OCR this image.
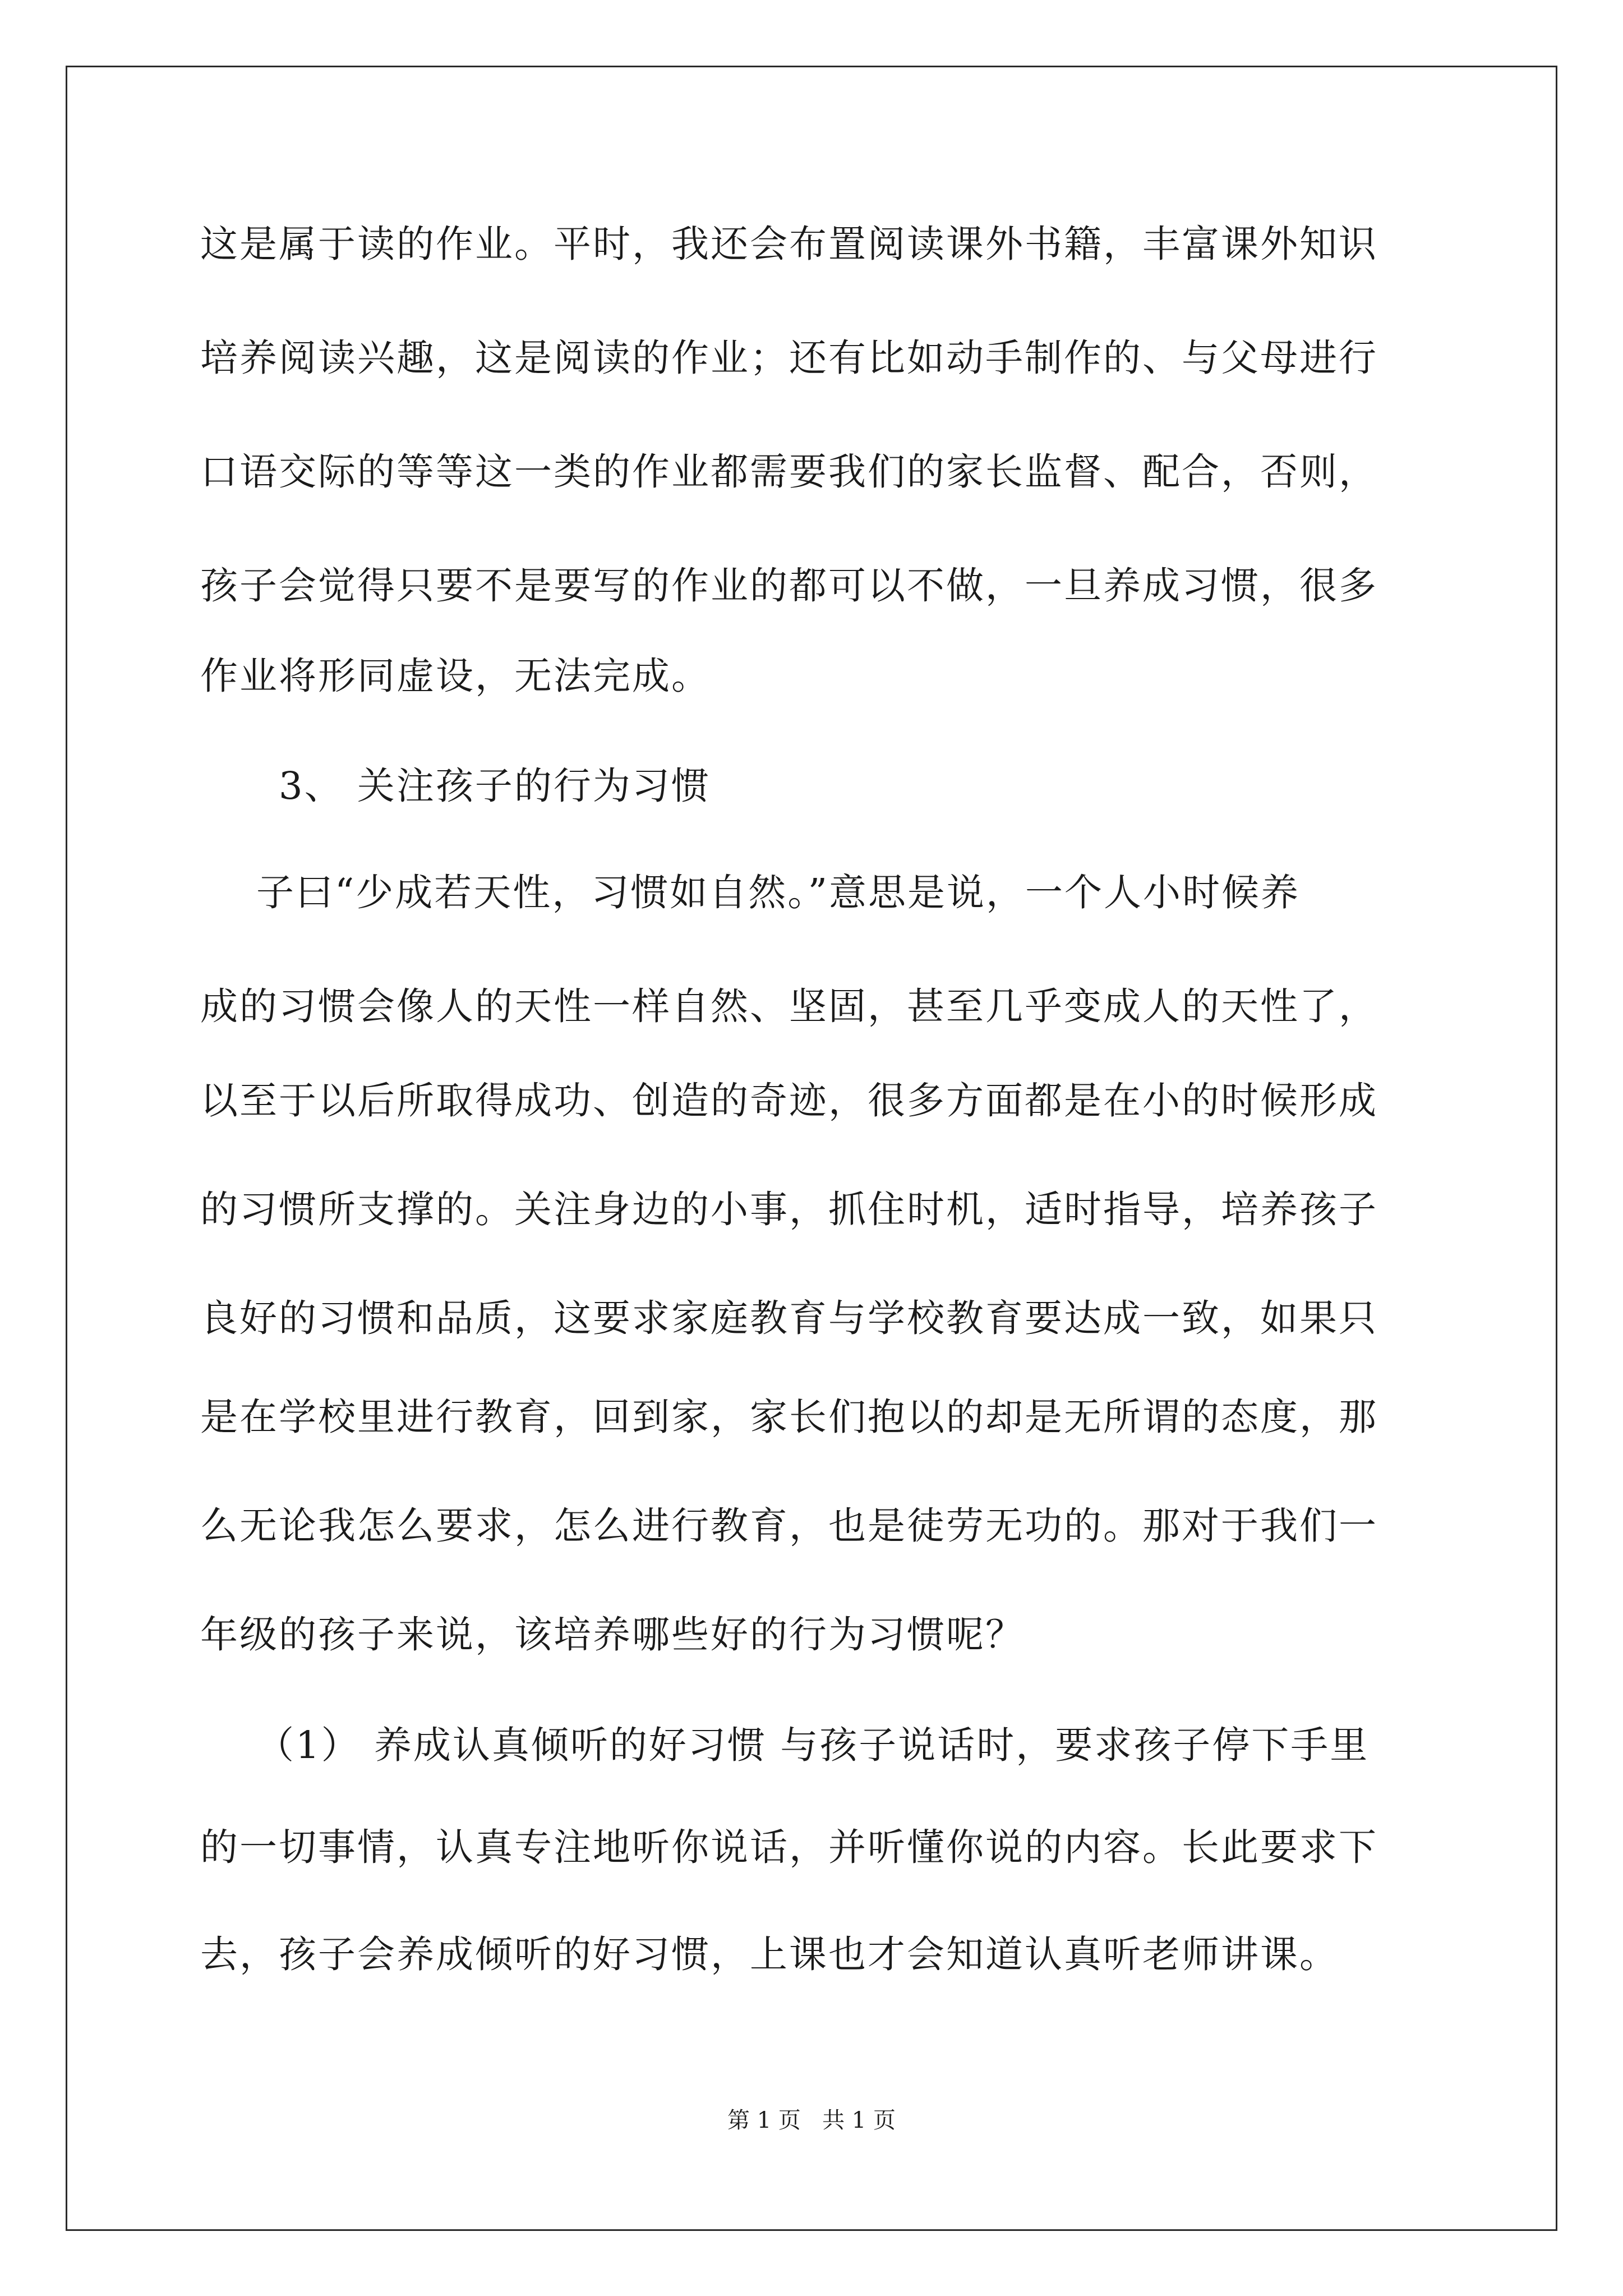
这是属于读的作业。平时，我还会布置阅读课外书籍，丰富课外知识
培养阅读兴趣，这是阅读的作业；还有比如动手制作的、与父母进行
口语交际的等等这一类的作业都需要我们的家长监督、配合，否则，
孩子会觉得只要不是要写的作业的都可以不做，一旦养成习惯，很多
作业将形同虚设，无法完成。
3、 关注孩子的行为习惯
子曰“少成若天性，习惯如自然。”意思是说，一个人小时候养
成的习惯会像人的天性一样自然、坚固，甚至几乎变成人的天性了，
以至于以后所取得成功、创造的奇迹，很多方面都是在小的时候形成
的习惯所支撑的。关注身边的小事，抓住时机，适时指导，培养孩子
良好的习惯和品质，这要求家庭教育与学校教育要达成一致，如果只
是在学校里进行教育，回到家，家长们抱以的却是无所谓的态度，那
么无论我怎么要求，怎么进行教育，也是徒劳无功的。那对于我们一
年级的孩子来说，该培养哪些好的行为习惯呢？
（1） 养成认真倾听的好习惯 与孩子说话时，要求孩子停下手里
的一切事情，认真专注地听你说话，并听懂你说的内容。长此要求下
去，孩子会养成倾听的好习惯，上课也才会知道认真听老师讲课。
第 1 页   共 1 页
